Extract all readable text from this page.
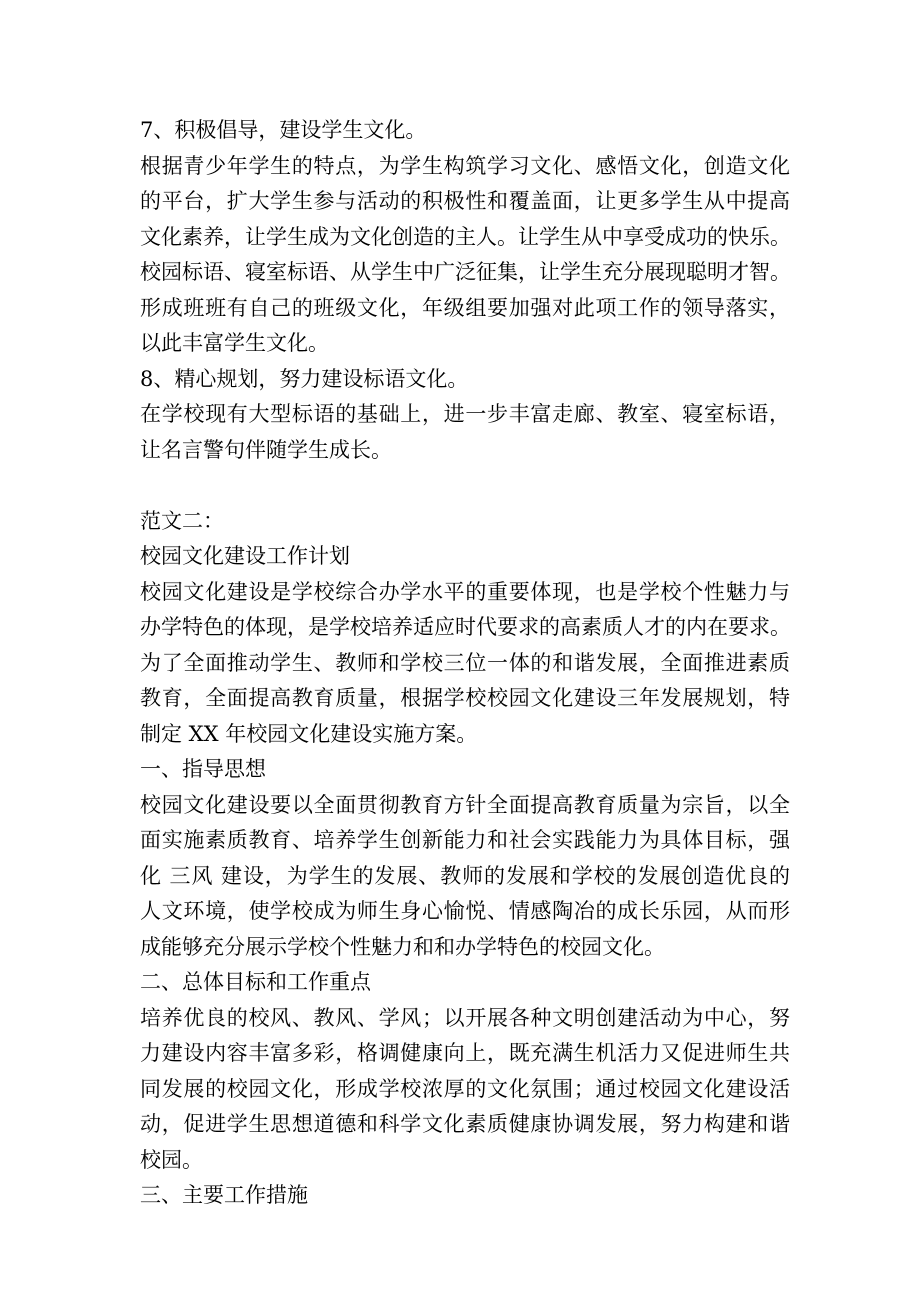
7、积极倡导，建设学生文化。
根据青少年学生的特点，为学生构筑学习文化、感悟文化，创造文化
的平台，扩大学生参与活动的积极性和覆盖面，让更多学生从中提高
文化素养，让学生成为文化创造的主人。让学生从中享受成功的快乐。
校园标语、寝室标语、从学生中广泛征集，让学生充分展现聪明才智。
形成班班有自己的班级文化，年级组要加强对此项工作的领导落实，
以此丰富学生文化。
8、精心规划，努力建设标语文化。
在学校现有大型标语的基础上，进一步丰富走廊、教室、寝室标语，
让名言警句伴随学生成长。
范文二：
校园文化建设工作计划
校园文化建设是学校综合办学水平的重要体现，也是学校个性魅力与
办学特色的体现，是学校培养适应时代要求的高素质人才的内在要求。
为了全面推动学生、教师和学校三位一体的和谐发展，全面推进素质
教育，全面提高教育质量，根据学校校园文化建设三年发展规划，特
制定 XX 年校园文化建设实施方案。
一、指导思想
校园文化建设要以全面贯彻教育方针全面提高教育质量为宗旨，以全
面实施素质教育、培养学生创新能力和社会实践能力为具体目标，强
化 三风 建设，为学生的发展、教师的发展和学校的发展创造优良的
人文环境，使学校成为师生身心愉悦、情感陶冶的成长乐园，从而形
成能够充分展示学校个性魅力和和办学特色的校园文化。
二、总体目标和工作重点
培养优良的校风、教风、学风；以开展各种文明创建活动为中心，努
力建设内容丰富多彩，格调健康向上，既充满生机活力又促进师生共
同发展的校园文化，形成学校浓厚的文化氛围；通过校园文化建设活
动，促进学生思想道德和科学文化素质健康协调发展，努力构建和谐
校园。
三、主要工作措施
